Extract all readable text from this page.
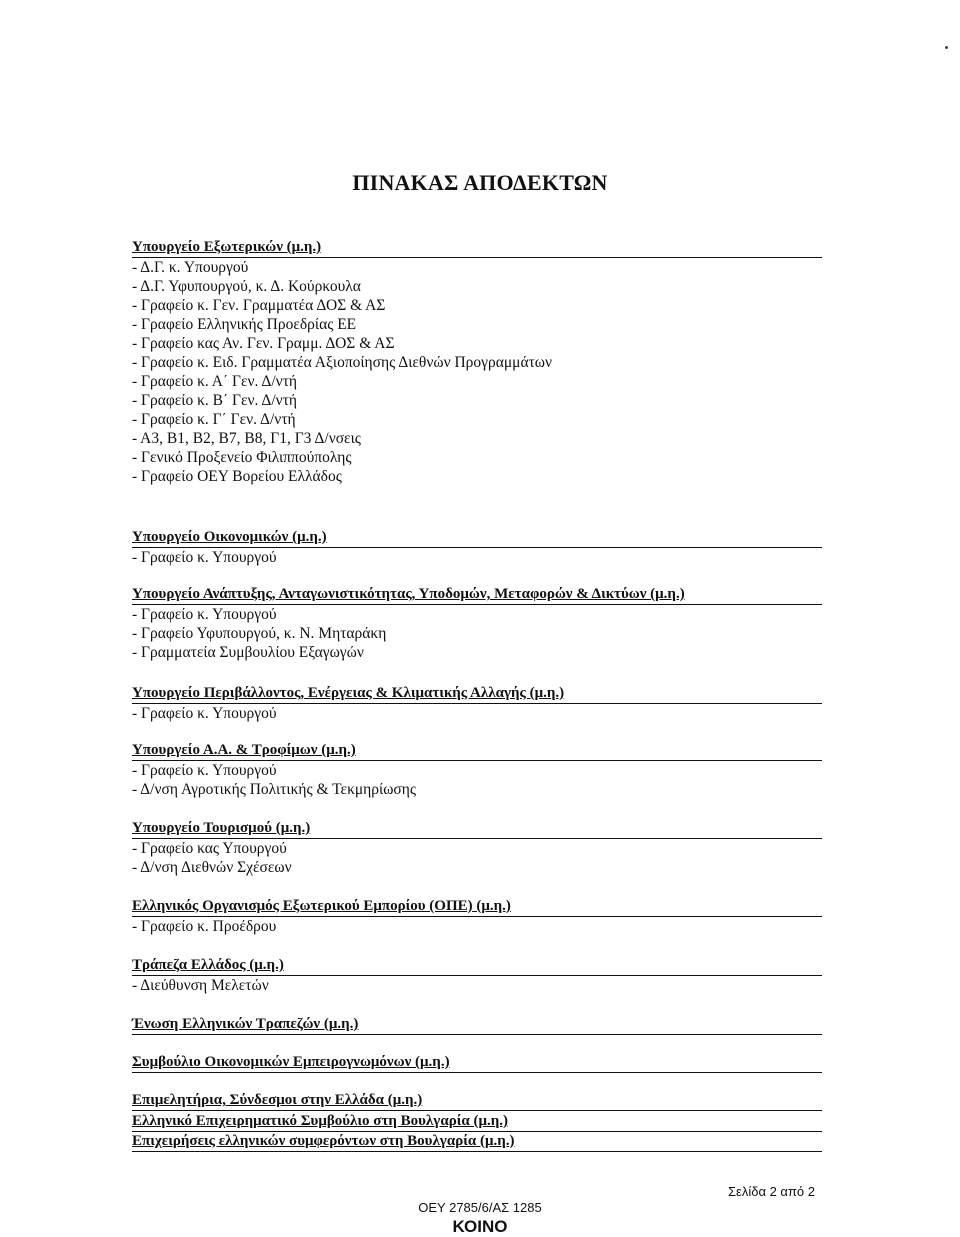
ΠΙΝΑΚΑΣ ΑΠΟΔΕΚΤΩΝ
Υπουργείο Εξωτερικών (μ.η.)
- Δ.Γ. κ. Υπουργού
- Δ.Γ. Υφυπουργού, κ. Δ. Κούρκουλα
- Γραφείο κ. Γεν. Γραμματέα ΔΟΣ & ΑΣ
- Γραφείο Ελληνικής Προεδρίας ΕΕ
- Γραφείο κας Αν. Γεν. Γραμμ. ΔΟΣ & ΑΣ
- Γραφείο κ. Ειδ. Γραμματέα Αξιοποίησης Διεθνών Προγραμμάτων
- Γραφείο κ. Α΄ Γεν. Δ/ντή
- Γραφείο κ. Β΄ Γεν. Δ/ντή
- Γραφείο κ. Γ΄ Γεν. Δ/ντή
- Α3, Β1, Β2, Β7, Β8, Γ1, Γ3 Δ/νσεις
- Γενικό Προξενείο Φιλιππούπολης
- Γραφείο ΟΕΥ Βορείου Ελλάδος
Υπουργείο Οικονομικών (μ.η.)
- Γραφείο κ. Υπουργού
Υπουργείο Ανάπτυξης, Ανταγωνιστικότητας, Υποδομών, Μεταφορών & Δικτύων (μ.η.)
- Γραφείο κ. Υπουργού
- Γραφείο Υφυπουργού, κ. Ν. Μηταράκη
- Γραμματεία Συμβουλίου Εξαγωγών
Υπουργείο Περιβάλλοντος, Ενέργειας & Κλιματικής Αλλαγής (μ.η.)
- Γραφείο κ. Υπουργού
Υπουργείο Α.Α. & Τροφίμων (μ.η.)
- Γραφείο κ. Υπουργού
- Δ/νση Αγροτικής Πολιτικής & Τεκμηρίωσης
Υπουργείο Τουρισμού (μ.η.)
- Γραφείο κας Υπουργού
- Δ/νση Διεθνών Σχέσεων
Ελληνικός Οργανισμός Εξωτερικού Εμπορίου (ΟΠΕ) (μ.η.)
- Γραφείο κ. Προέδρου
Τράπεζα Ελλάδος (μ.η.)
- Διεύθυνση Μελετών
Ένωση Ελληνικών Τραπεζών (μ.η.)
Συμβούλιο Οικονομικών Εμπειρογνωμόνων (μ.η.)
Επιμελητήρια, Σύνδεσμοι στην Ελλάδα (μ.η.)
Ελληνικό Επιχειρηματικό Συμβούλιο στη Βουλγαρία (μ.η.)
Επιχειρήσεις ελληνικών συμφερόντων στη Βουλγαρία (μ.η.)
Σελίδα 2 από 2
ΟΕΥ 2785/6/ΑΣ 1285
ΚΟΙΝΟ
